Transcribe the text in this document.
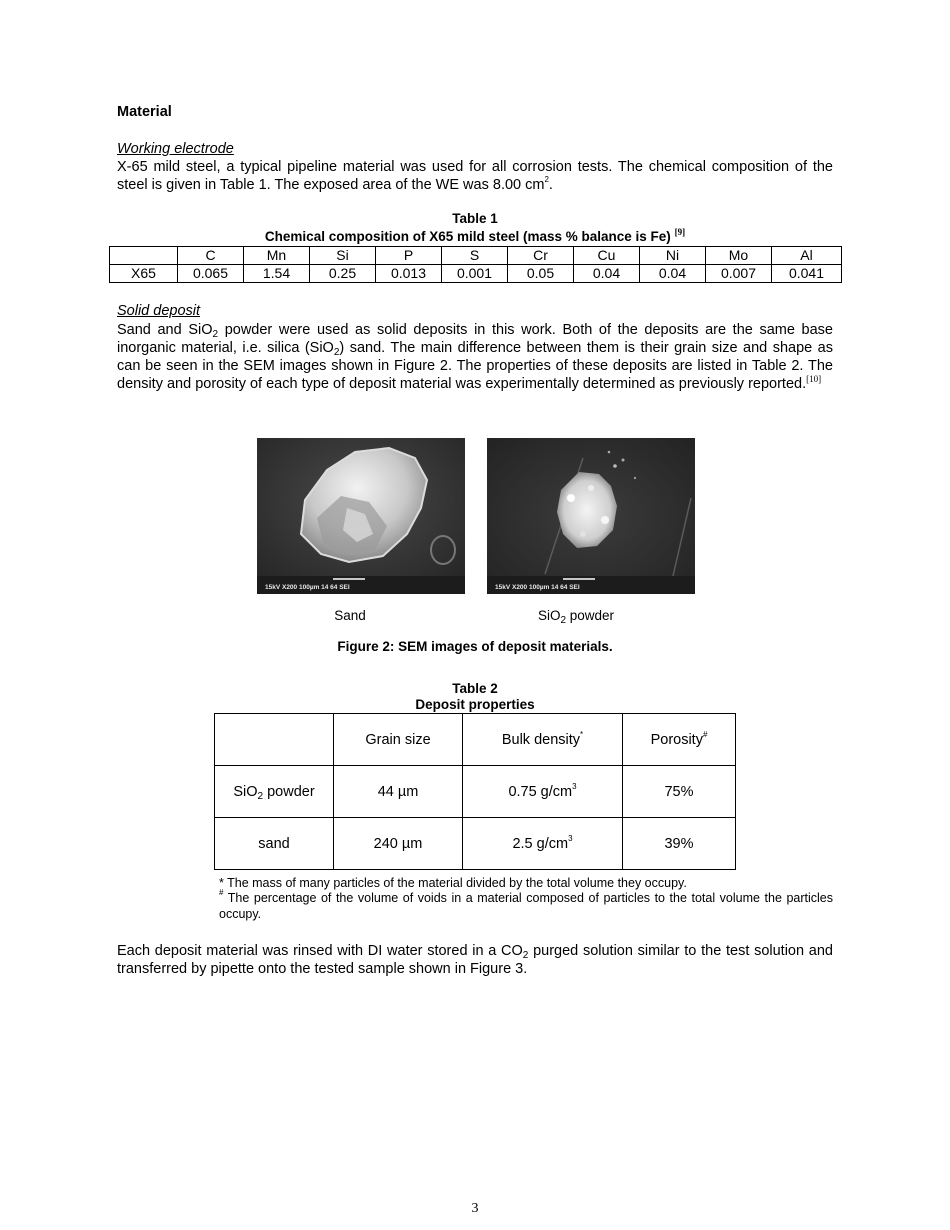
Material
Working electrode
X-65 mild steel, a typical pipeline material was used for all corrosion tests. The chemical composition of the steel is given in Table 1. The exposed area of the WE was 8.00 $cm^2$.
Table 1
Chemical composition of X65 mild steel (mass % balance is Fe) [9]
	C	Mn	Si	P	S	Cr	Cu	Ni	Mo	Al
X65	0.065	1.54	0.25	0.013	0.001	0.05	0.04	0.04	0.007	0.041
Solid deposit
Sand and SiO$_2$ powder were used as solid deposits in this work. Both of the deposits are the same base inorganic material, i.e. silica (SiO$_2$) sand. The main difference between them is their grain size and shape as can be seen in the SEM images shown in Figure 2. The properties of these deposits are listed in Table 2. The density and porosity of each type of deposit material was experimentally determined as previously reported.[10]
15kV X200 100µm 14 64 SEI	15kV X200 100µm 14 64 SEI
Sand	SiO$_2$ powder
Figure 2: SEM images of deposit materials.
Table 2
Deposit properties
	Grain size	Bulk density*	Porosity#
SiO$_2$ powder	44 µm	0.75 $g/cm^3$	75%
sand	240 µm	2.5 $g/cm^3$	39%
* The mass of many particles of the material divided by the total volume they occupy.
# The percentage of the volume of voids in a material composed of particles to the total volume the particles occupy.
Each deposit material was rinsed with DI water stored in a $CO_2$ purged solution similar to the test solution and transferred by pipette onto the tested sample shown in Figure 3.
3
